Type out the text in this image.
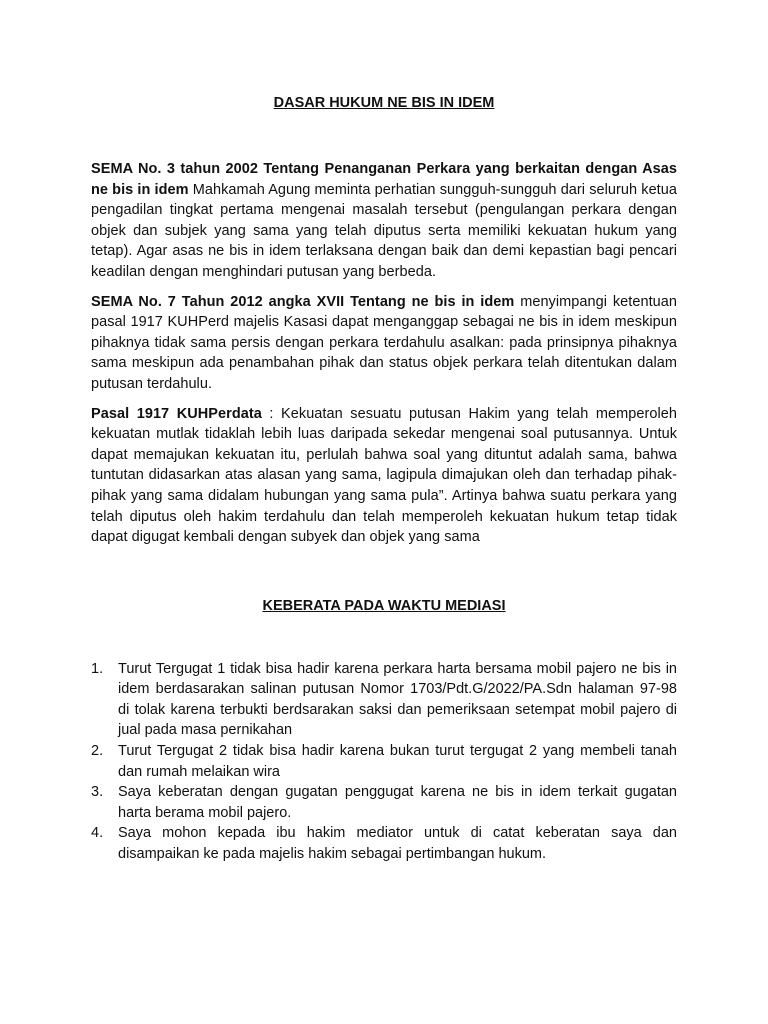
DASAR HUKUM NE BIS IN IDEM

SEMA No. 3 tahun 2002 Tentang Penanganan Perkara yang berkaitan dengan Asas ne bis in idem Mahkamah Agung meminta perhatian sungguh-sungguh dari seluruh ketua pengadilan tingkat pertama mengenai masalah tersebut (pengulangan perkara dengan objek dan subjek yang sama yang telah diputus serta memiliki kekuatan hukum yang tetap). Agar asas ne bis in idem terlaksana dengan baik dan demi kepastian bagi pencari keadilan dengan menghindari putusan yang berbeda.

SEMA No. 7 Tahun 2012 angka XVII Tentang ne bis in idem menyimpangi ketentuan pasal 1917 KUHPerd majelis Kasasi dapat menganggap sebagai ne bis in idem meskipun pihaknya tidak sama persis dengan perkara terdahulu asalkan: pada prinsipnya pihaknya sama meskipun ada penambahan pihak dan status objek perkara telah ditentukan dalam putusan terdahulu.

Pasal 1917 KUHPerdata : Kekuatan sesuatu putusan Hakim yang telah memperoleh kekuatan mutlak tidaklah lebih luas daripada sekedar mengenai soal putusannya. Untuk dapat memajukan kekuatan itu, perlulah bahwa soal yang dituntut adalah sama, bahwa tuntutan didasarkan atas alasan yang sama, lagipula dimajukan oleh dan terhadap pihak-pihak yang sama didalam hubungan yang sama pula”. Artinya bahwa suatu perkara yang telah diputus oleh hakim terdahulu dan telah memperoleh kekuatan hukum tetap tidak dapat digugat kembali dengan subyek dan objek yang sama

KEBERATA PADA WAKTU MEDIASI
1. Turut Tergugat 1 tidak bisa hadir karena perkara harta bersama mobil pajero ne bis in idem berdasarakan salinan putusan Nomor 1703/Pdt.G/2022/PA.Sdn halaman 97-98 di tolak karena terbukti berdsarakan saksi dan pemeriksaan setempat mobil pajero di jual pada masa pernikahan
2. Turut Tergugat 2 tidak bisa hadir karena bukan turut tergugat 2 yang membeli tanah dan rumah melaikan wira
3. Saya keberatan dengan gugatan penggugat karena ne bis in idem terkait gugatan harta berama mobil pajero.
4. Saya mohon kepada ibu hakim mediator untuk di catat keberatan saya dan disampaikan ke pada majelis hakim sebagai pertimbangan hukum.
